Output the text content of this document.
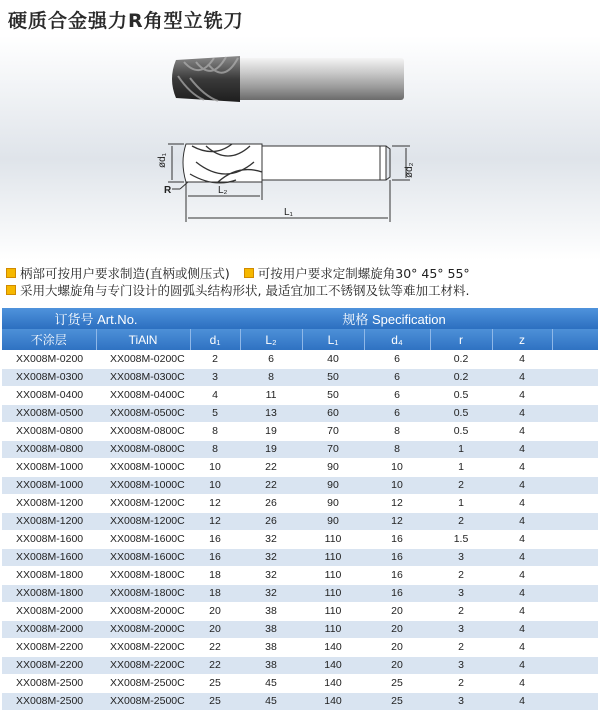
硬质合金强力R角型立铣刀
ød₁
ød₂
R	L₂
L₁
柄部可按用户要求制造(直柄或侧压式) 可按用户要求定制螺旋角30° 45° 55°
采用大螺旋角与专门设计的圆弧头结构形状, 最适宜加工不锈钢及钛等难加工材料.
订货号 Art.No.		规格 Specification						
不涂层	TiAlN	d₁	L₂	L₁	d₄	r	z	
XX008M-0200	XX008M-0200C	2	6	40	6	0.2	4	
XX008M-0300	XX008M-0300C	3	8	50	6	0.2	4	
XX008M-0400	XX008M-0400C	4	11	50	6	0.5	4	
XX008M-0500	XX008M-0500C	5	13	60	6	0.5	4	
XX008M-0800	XX008M-0800C	8	19	70	8	0.5	4	
XX008M-0800	XX008M-0800C	8	19	70	8	1	4	
XX008M-1000	XX008M-1000C	10	22	90	10	1	4	
XX008M-1000	XX008M-1000C	10	22	90	10	2	4	
XX008M-1200	XX008M-1200C	12	26	90	12	1	4	
XX008M-1200	XX008M-1200C	12	26	90	12	2	4	
XX008M-1600	XX008M-1600C	16	32	110	16	1.5	4	
XX008M-1600	XX008M-1600C	16	32	110	16	3	4	
XX008M-1800	XX008M-1800C	18	32	110	16	2	4	
XX008M-1800	XX008M-1800C	18	32	110	16	3	4	
XX008M-2000	XX008M-2000C	20	38	110	20	2	4	
XX008M-2000	XX008M-2000C	20	38	110	20	3	4	
XX008M-2200	XX008M-2200C	22	38	140	20	2	4	
XX008M-2200	XX008M-2200C	22	38	140	20	3	4	
XX008M-2500	XX008M-2500C	25	45	140	25	2	4	
XX008M-2500	XX008M-2500C	25	45	140	25	3	4	
